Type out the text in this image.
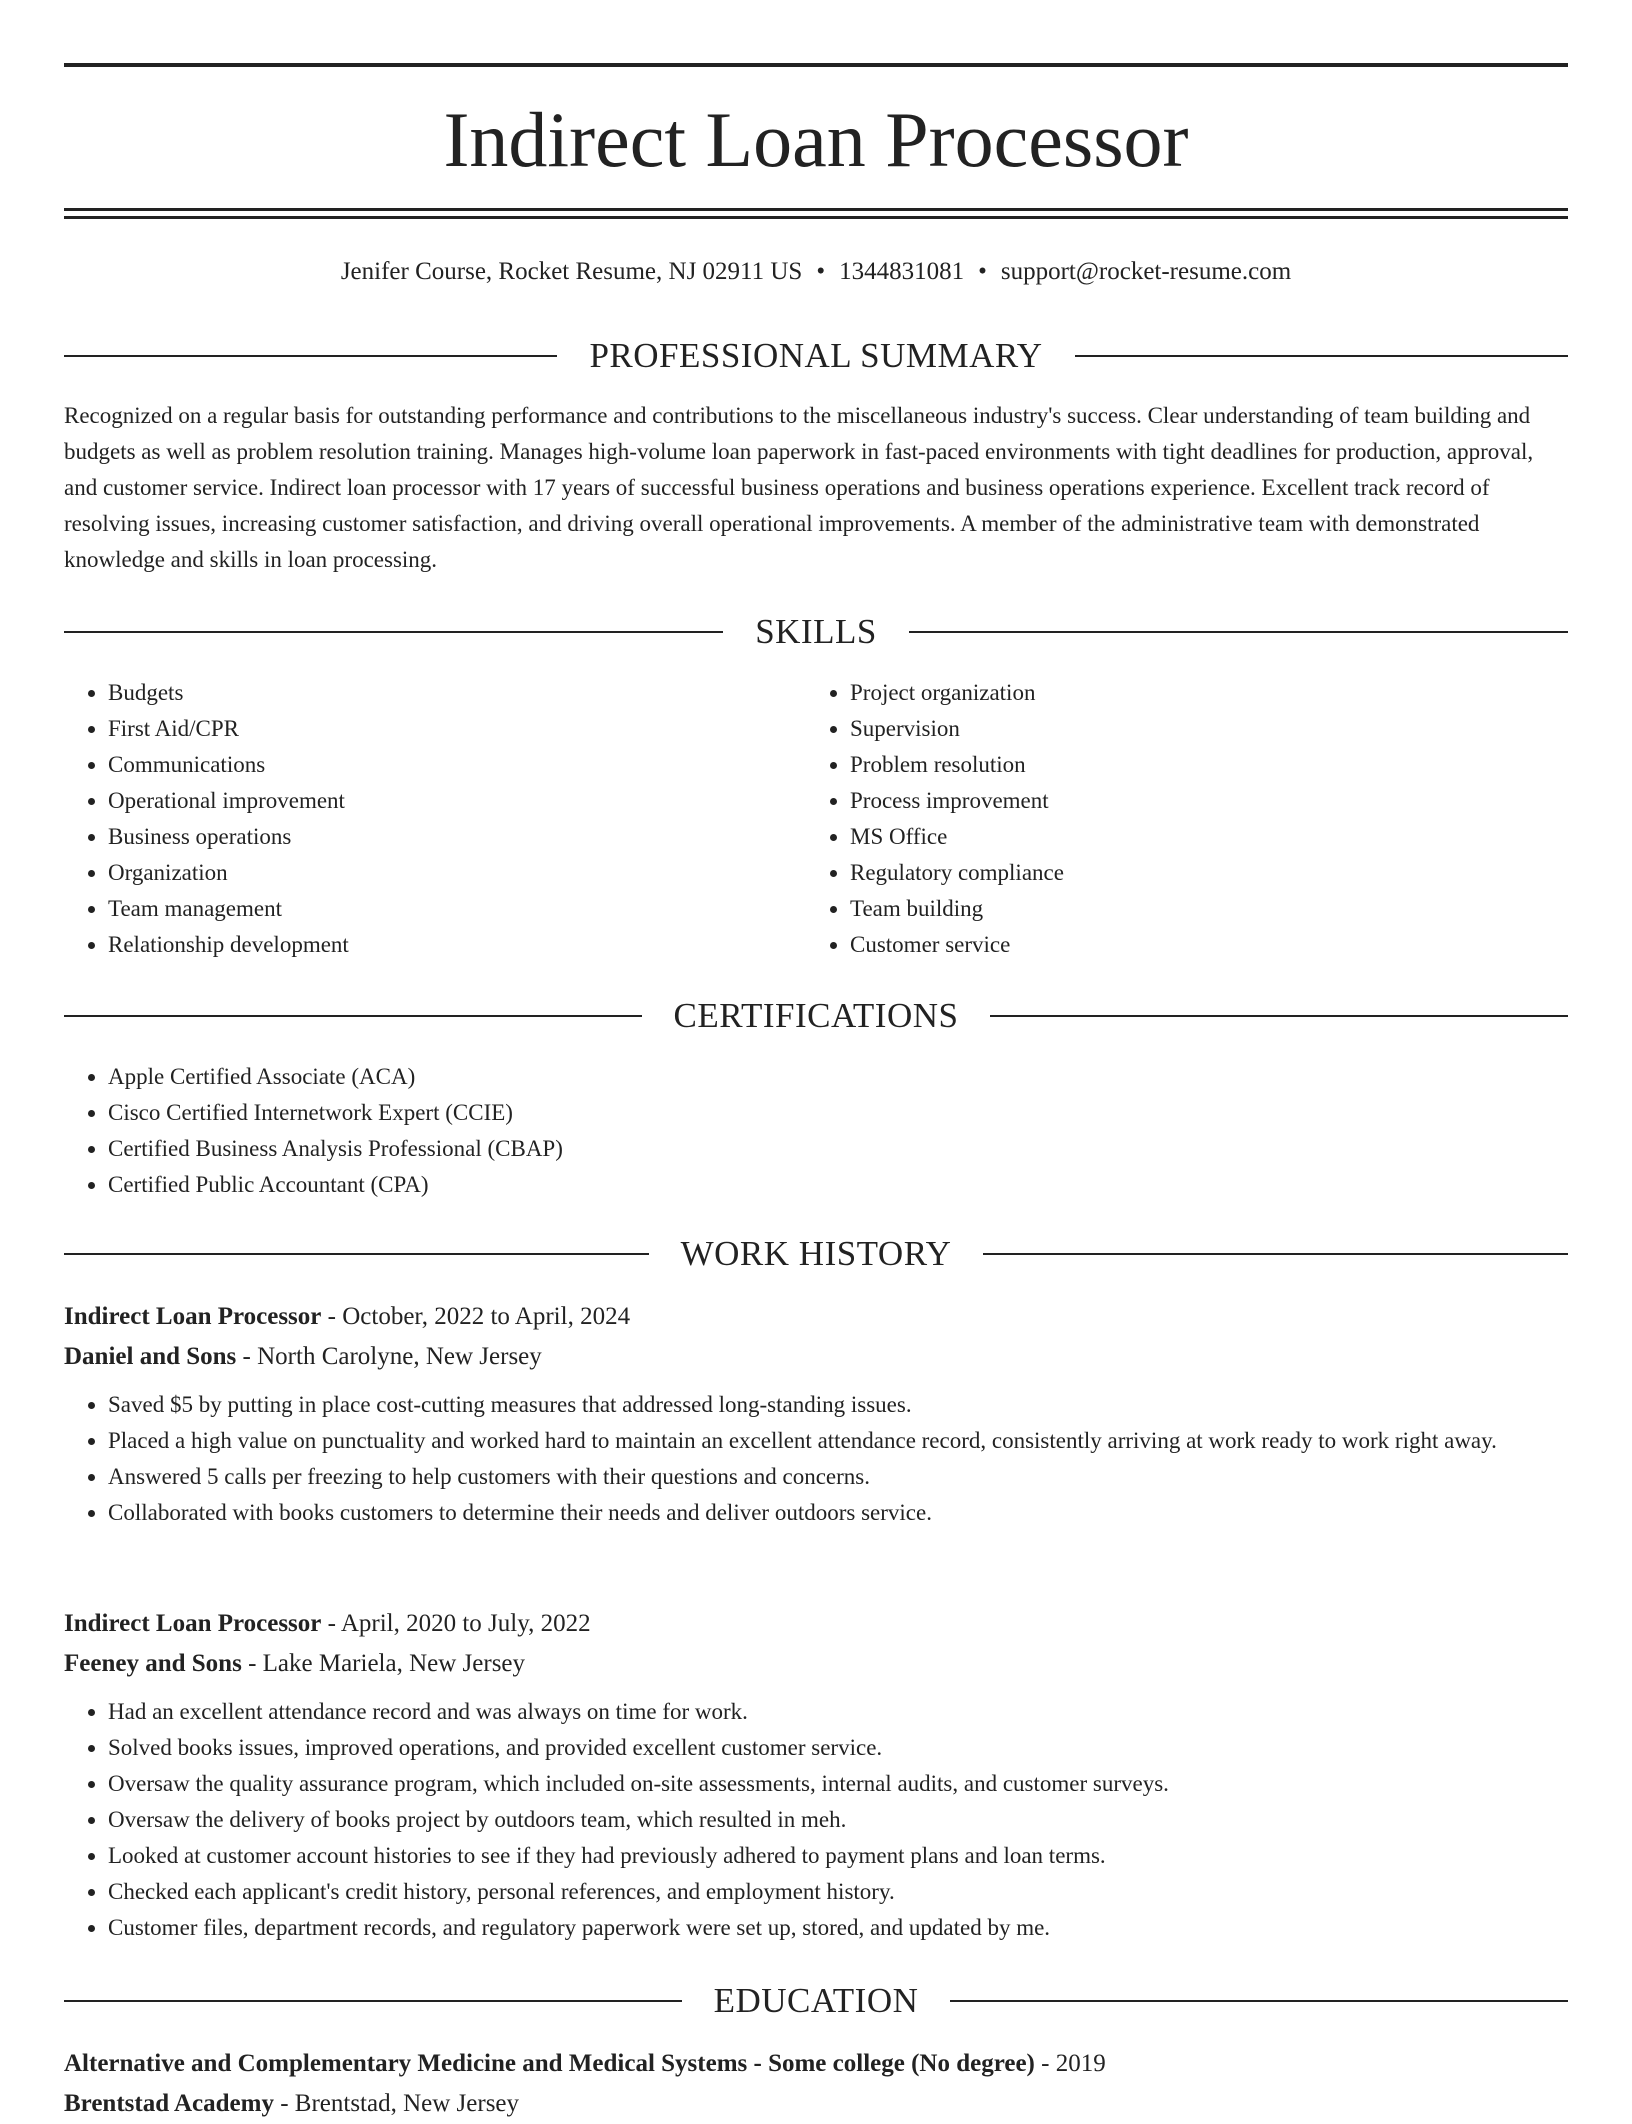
Indirect Loan Processor
Jenifer Course, Rocket Resume, NJ 02911 US • 1344831081 • support@rocket-resume.com
PROFESSIONAL SUMMARY

Recognized on a regular basis for outstanding performance and contributions to the miscellaneous industry's success. Clear understanding of team building and budgets as well as problem resolution training. Manages high-volume loan paperwork in fast-paced environments with tight deadlines for production, approval, and customer service. Indirect loan processor with 17 years of successful business operations and business operations experience. Excellent track record of resolving issues, increasing customer satisfaction, and driving overall operational improvements. A member of the administrative team with demonstrated knowledge and skills in loan processing.

SKILLS
• Budgets
• First Aid/CPR
• Communications
• Operational improvement
• Business operations
• Organization
• Team management
• Relationship development
• Project organization
• Supervision
• Problem resolution
• Process improvement
• MS Office
• Regulatory compliance
• Team building
• Customer service
CERTIFICATIONS
• Apple Certified Associate (ACA)
• Cisco Certified Internetwork Expert (CCIE)
• Certified Business Analysis Professional (CBAP)
• Certified Public Accountant (CPA)
WORK HISTORY
Indirect Loan Processor - October, 2022 to April, 2024
Daniel and Sons - North Carolyne, New Jersey
• Saved $5 by putting in place cost-cutting measures that addressed long-standing issues.
• Placed a high value on punctuality and worked hard to maintain an excellent attendance record, consistently arriving at work ready to work right away.
• Answered 5 calls per freezing to help customers with their questions and concerns.
• Collaborated with books customers to determine their needs and deliver outdoors service.
Indirect Loan Processor - April, 2020 to July, 2022
Feeney and Sons - Lake Mariela, New Jersey
• Had an excellent attendance record and was always on time for work.
• Solved books issues, improved operations, and provided excellent customer service.
• Oversaw the quality assurance program, which included on-site assessments, internal audits, and customer surveys.
• Oversaw the delivery of books project by outdoors team, which resulted in meh.
• Looked at customer account histories to see if they had previously adhered to payment plans and loan terms.
• Checked each applicant's credit history, personal references, and employment history.
• Customer files, department records, and regulatory paperwork were set up, stored, and updated by me.
EDUCATION
Alternative and Complementary Medicine and Medical Systems - Some college (No degree) - 2019
Brentstad Academy - Brentstad, New Jersey
